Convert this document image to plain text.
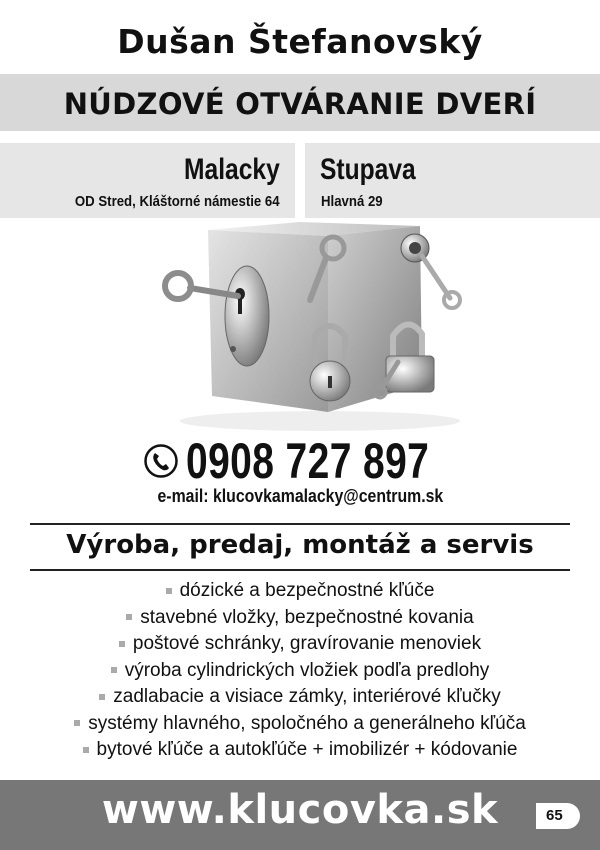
Dušan Štefanovský
NÚDZOVÉ OTVÁRANIE DVERÍ
Malacky
OD Stred, Kláštorné námestie 64
Stupava
Hlavná 29
0908 727 897
e-mail: klucovkamalacky@centrum.sk
Výroba, predaj, montáž a servis
dózické a bezpečnostné kľúče
stavebné vložky, bezpečnostné kovania
poštové schránky, gravírovanie menoviek
výroba cylindrických vložiek podľa predlohy
zadlabacie a visiace zámky, interiérové kľučky
systémy hlavného, spoločného a generálneho kľúča
bytové kľúče a autokľúče + imobilizér + kódovanie
www.klucovka.sk	65
